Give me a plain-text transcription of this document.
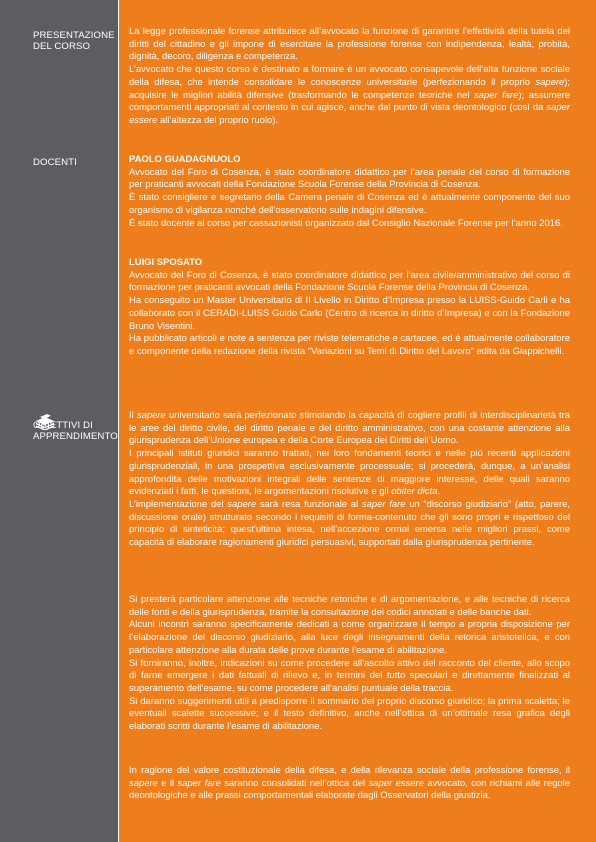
PRESENTAZIONE
DEL CORSO
DOCENTI
OBIETTIVI DI
APPRENDIMENTO

La legge professionale forense attribuisce all’avvocato la funzione di garantire l’effettività della tutela dei diritti del cittadino e gli impone di esercitare la professione forense con indipendenza, lealtà, probità, dignità, decoro, diligenza e competenza.

L’avvocato che questo corso è destinato a formare è un avvocato consapevole dell’alta funzione sociale della difesa, che intende consolidare le conoscenze universitarie (perfezionando il proprio sapere); acquisire le migliori abilità difensive (trasformando le competenze teoriche nel saper fare); assumere comportamenti appropriati al contesto in cui agisce, anche dal punto di vista deontologico (così da saper essere all’altezza del proprio ruolo).

PAOLO GUADAGNUOLO

Avvocato del Foro di Cosenza, è stato coordinatore didattico per l’area penale del corso di formazione per praticanti avvocati della Fondazione Scuola Forense della Provincia di Cosenza.

È stato consigliere e segretario della Camera penale di Cosenza ed è attualmente componente del suo organismo di vigilanza nonché dell’osservatorio sulle indagini difensive.

È stato docente al corso per cassazionisti organizzato dal Consiglio Nazionale Forense per l’anno 2016.

LUIGI SPOSATO

Avvocato del Foro di Cosenza, è stato coordinatore didattico per l’area civile/amministrativo del corso di formazione per praticanti avvocati della Fondazione Scuola Forense della Provincia di Cosenza.

Ha conseguito un Master Universitario di II Livello in Diritto d’Impresa presso la LUISS-Guido Carli e ha collaborato con il CERADI-LUISS Guido Carlo (Centro di ricerca in diritto d’Impresa) e con la Fondazione Bruno Visentini.

Ha pubblicato articoli e note a sentenza per riviste telematiche e cartacee, ed è attualmente collaboratore e componente della redazione della rivista “Variazioni su Temi di Diritto del Lavoro” edita da Giappichelli.

Il sapere universitario sarà perfezionato stimolando la capacità di cogliere profili di interdisciplinarietà tra le aree del diritto civile, del diritto penale e del diritto amministrativo, con una costante attenzione alla giurisprudenza dell’Unione europea e della Corte Europea dei Diritti dell’Uomo.

I principali istituti giuridici saranno trattati, nei loro fondamenti teorici e nelle più recenti applicazioni giurisprudenziali, in una prospettiva esclusivamente processuale; si procederà, dunque, a un’analisi approfondita delle motivazioni integrali delle sentenze di maggiore interesse, delle quali saranno evidenziati i fatti, le questioni, le argomentazioni risolutive e gli obiter dicta.

L’implementazione del sapere sarà resa funzionale al saper fare un “discorso giudiziario” (atto, parere, discussione orale) strutturato secondo i requisiti di forma-contenuto che gli sono propri e rispettoso del principio di sinteticità; quest’ultima intesa, nell’accezione ormai emersa nelle migliori prassi, come capacità di elaborare ragionamenti giuridici persuasivi, supportati dalla giurisprudenza pertinente.

Si presterà particolare attenzione alle tecniche retoriche e di argomentazione, e alle tecniche di ricerca delle fonti e della giurisprudenza, tramite la consultazione dei codici annotati e delle banche dati.

Alcuni incontri saranno specificamente dedicati a come organizzare il tempo a propria disposizione per l’elaborazione del discorso giudiziario, alla luce degli insegnamenti della retorica aristotelica, e con particolare attenzione alla durata delle prove durante l’esame di abilitazione.

Si forniranno, inoltre, indicazioni su come procedere all’ascolto attivo del racconto del cliente, allo scopo di farne emergere i dati fattuali di rilievo e, in termini del tutto speculari e direttamente finalizzati al superamento dell’esame, su come procedere all’analisi puntuale della traccia.

Si daranno suggerimenti utili a predisporre il sommario del proprio discorso giuridico; la prima scaletta; le eventuali scalette successive; e il testo definitivo, anche nell’ottica di un’ottimale resa grafica degli elaborati scritti durante l’esame di abilitazione.

In ragione del valore costituzionale della difesa, e della rilevanza sociale della professione forense, il sapere e il saper fare saranno consolidati nell’ottica del saper essere avvocato, con richiami alle regole deontologiche e alle prassi comportamentali elaborate dagli Osservatori della giustizia.
